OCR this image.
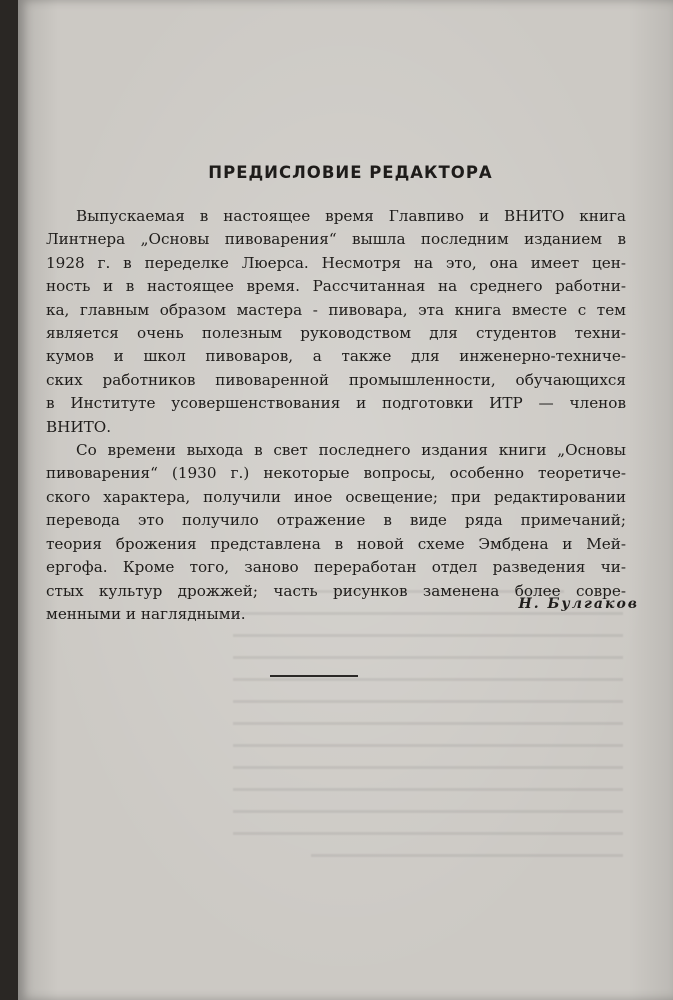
ПРЕДИСЛОВИЕ РЕДАКТОРА

Выпускаемая в настоящее время Главпиво и ВНИТО книга
Линтнера „Основы пивоварения“ вышла последним изданием в
1928 г. в переделке Люерса. Несмотря на это, она имеет цен-
ность и в настоящее время. Рассчитанная на среднего работни-
ка, главным образом мастера - пивовара, эта книга вместе с тем
является очень полезным руководством для студентов техни-
кумов и школ пивоваров, а также для инженерно-техниче-
ских работников пивоваренной промышленности, обучающихся
в Институте усовершенствования и подготовки ИТР — членов
ВНИТО.

Со времени выхода в свет последнего издания книги „Основы
пивоварения“ (1930 г.) некоторые вопросы, особенно теоретиче-
ского характера, получили иное освещение; при редактировании
перевода это получило отражение в виде ряда примечаний;
теория брожения представлена в новой схеме Эмбдена и Мей-
ергофа. Кроме того, заново переработан отдел разведения чи-
стых культур дрожжей; часть рисунков заменена более совре-
менными и наглядными.

Н. Булгаков
